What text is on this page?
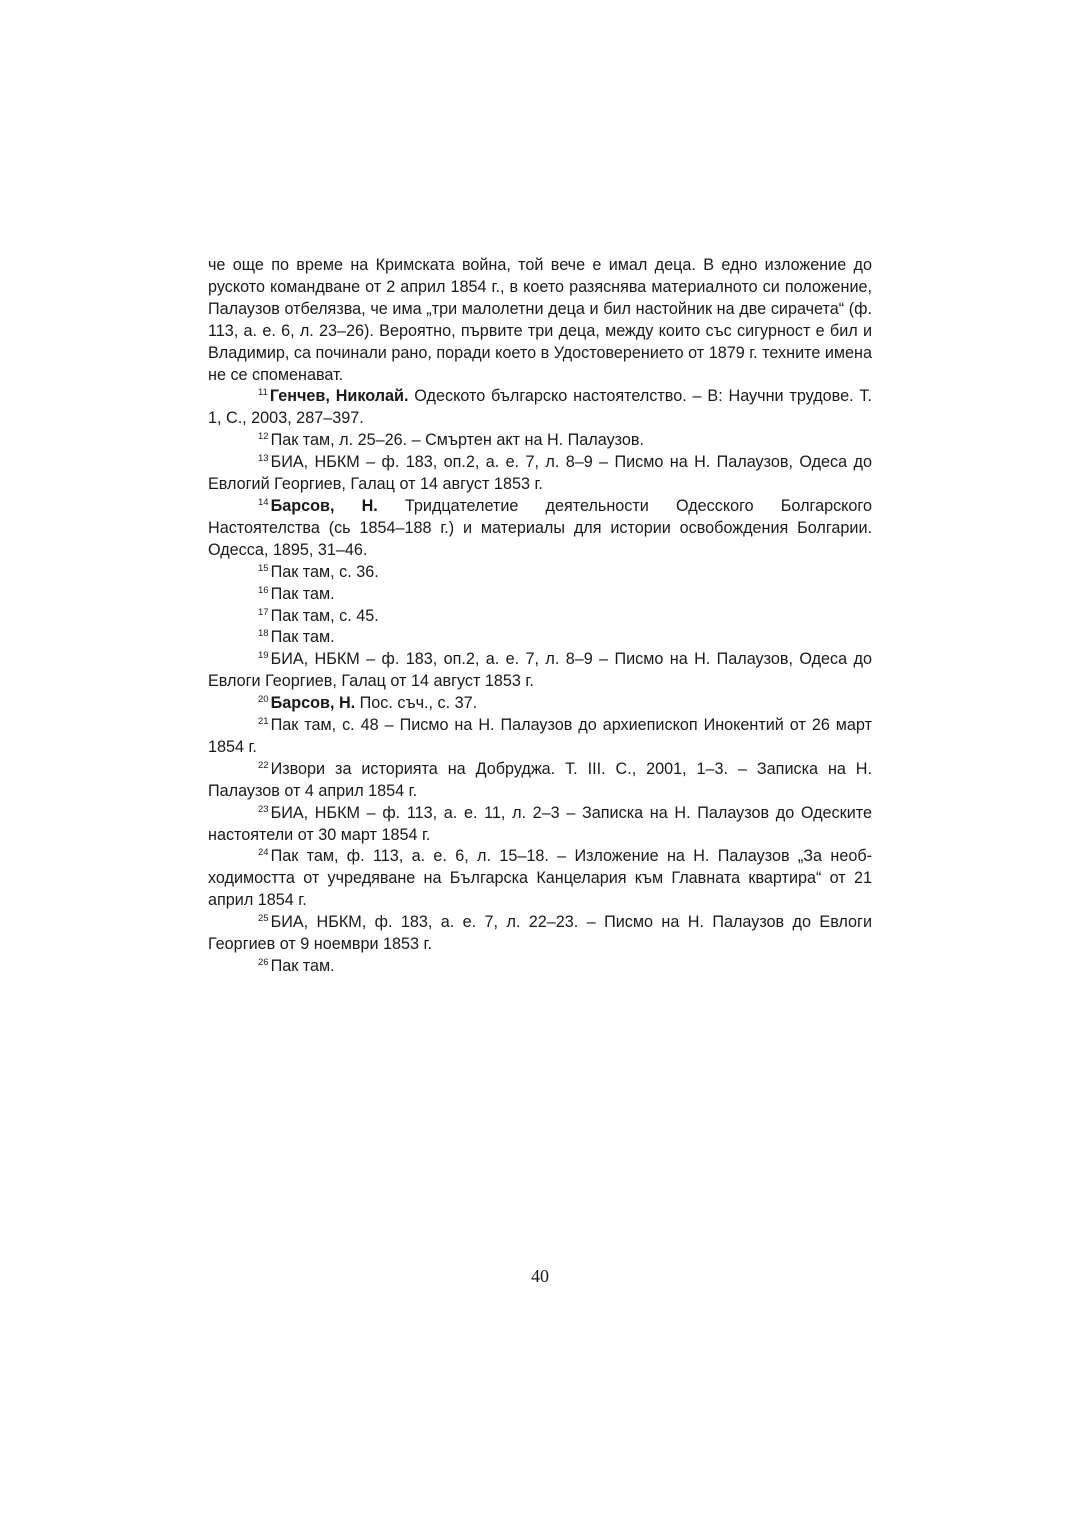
че още по време на Кримската война, той вече е имал деца. В едно изложение до руското командване от 2 април 1854 г., в което разяснява материалното си положение, Палаузов отбелязва, че има „три малолетни деца и бил настойник на две сирачета“ (ф. 113, а. е. 6, л. 23–26). Вероятно, първите три деца, между които със сигурност е бил и Владимир, са починали рано, поради което в Удостоверението от 1879 г. техните имена не се споменават.

$^{11}$ Генчев, Николай. Одеското българско настоятелство. – В: Научни трудове. Т. 1, С., 2003, 287–397.

$^{12}$ Пак там, л. 25–26. – Смъртен акт на Н. Палаузов.

$^{13}$ БИА, НБКМ – ф. 183, оп.2, а. е. 7, л. 8–9 – Писмо на Н. Палаузов, Одеса до Евлогий Георгиев, Галац от 14 август 1853 г.

$^{14}$ Барсов, Н. Тридцателетие деятельности Одесского Болгарского Настоятелства (сь 1854–188 г.) и материалы для истории освобождения Болгарии. Одесса, 1895, 31–46.

$^{15}$ Пак там, с. 36.

$^{16}$ Пак там.

$^{17}$ Пак там, с. 45.

$^{18}$ Пак там.

$^{19}$ БИА, НБКМ – ф. 183, оп.2, а. е. 7, л. 8–9 – Писмо на Н. Палаузов, Одеса до Евлоги Георгиев, Галац от 14 август 1853 г.

$^{20}$ Барсов, Н. Пос. съч., с. 37.

$^{21}$ Пак там, с. 48 – Писмо на Н. Палаузов до архиепископ Инокентий от 26 март 1854 г.

$^{22}$ Извори за историята на Добруджа. Т. III. С., 2001, 1–3. – Записка на Н. Палаузов от 4 април 1854 г.

$^{23}$ БИА, НБКМ – ф. 113, а. е. 11, л. 2–3 – Записка на Н. Палаузов до Одеските настоятели от 30 март 1854 г.

$^{24}$ Пак там, ф. 113, а. е. 6, л. 15–18. – Изложение на Н. Палаузов „За необ-ходимостта от учредяване на Българска Канцелария към Главната квартира“ от 21 април 1854 г.

$^{25}$ БИА, НБКМ, ф. 183, а. е. 7, л. 22–23. – Писмо на Н. Палаузов до Евлоги Георгиев от 9 ноември 1853 г.

$^{26}$ Пак там.

40
